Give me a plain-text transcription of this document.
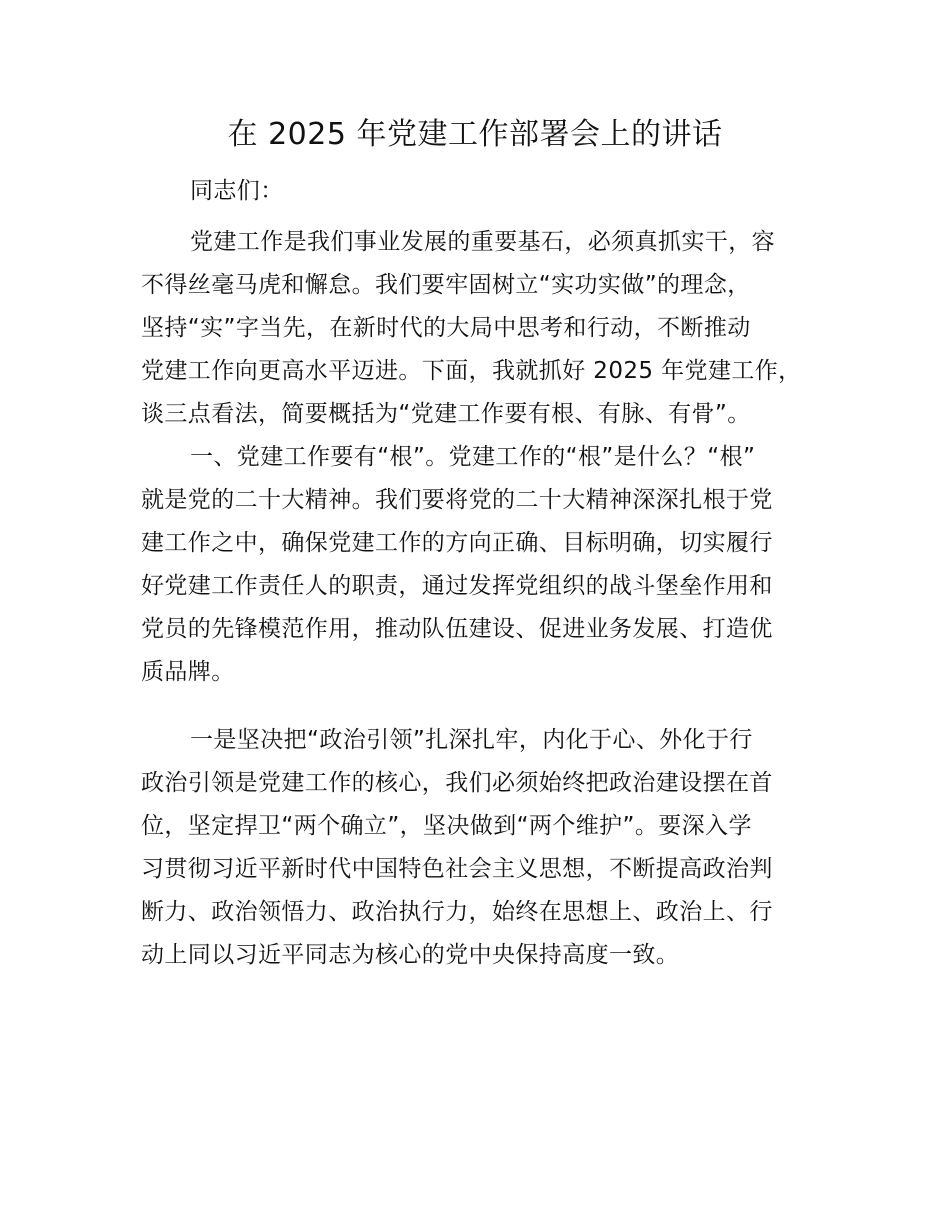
在 2025 年党建工作部署会上的讲话

同志们：

党建工作是我们事业发展的重要基石，必须真抓实干，容
不得丝毫马虎和懈怠。我们要牢固树立“实功实做”的理念，
坚持“实”字当先，在新时代的大局中思考和行动，不断推动
党建工作向更高水平迈进。下面，我就抓好 2025 年党建工作，
谈三点看法，简要概括为“党建工作要有根、有脉、有骨”。

一、党建工作要有“根”。党建工作的“根”是什么？“根”
就是党的二十大精神。我们要将党的二十大精神深深扎根于党
建工作之中，确保党建工作的方向正确、目标明确，切实履行
好党建工作责任人的职责，通过发挥党组织的战斗堡垒作用和
党员的先锋模范作用，推动队伍建设、促进业务发展、打造优
质品牌。

一是坚决把“政治引领”扎深扎牢，内化于心、外化于行
政治引领是党建工作的核心，我们必须始终把政治建设摆在首
位，坚定捍卫“两个确立”，坚决做到“两个维护”。要深入学
习贯彻习近平新时代中国特色社会主义思想，不断提高政治判
断力、政治领悟力、政治执行力，始终在思想上、政治上、行
动上同以习近平同志为核心的党中央保持高度一致。
